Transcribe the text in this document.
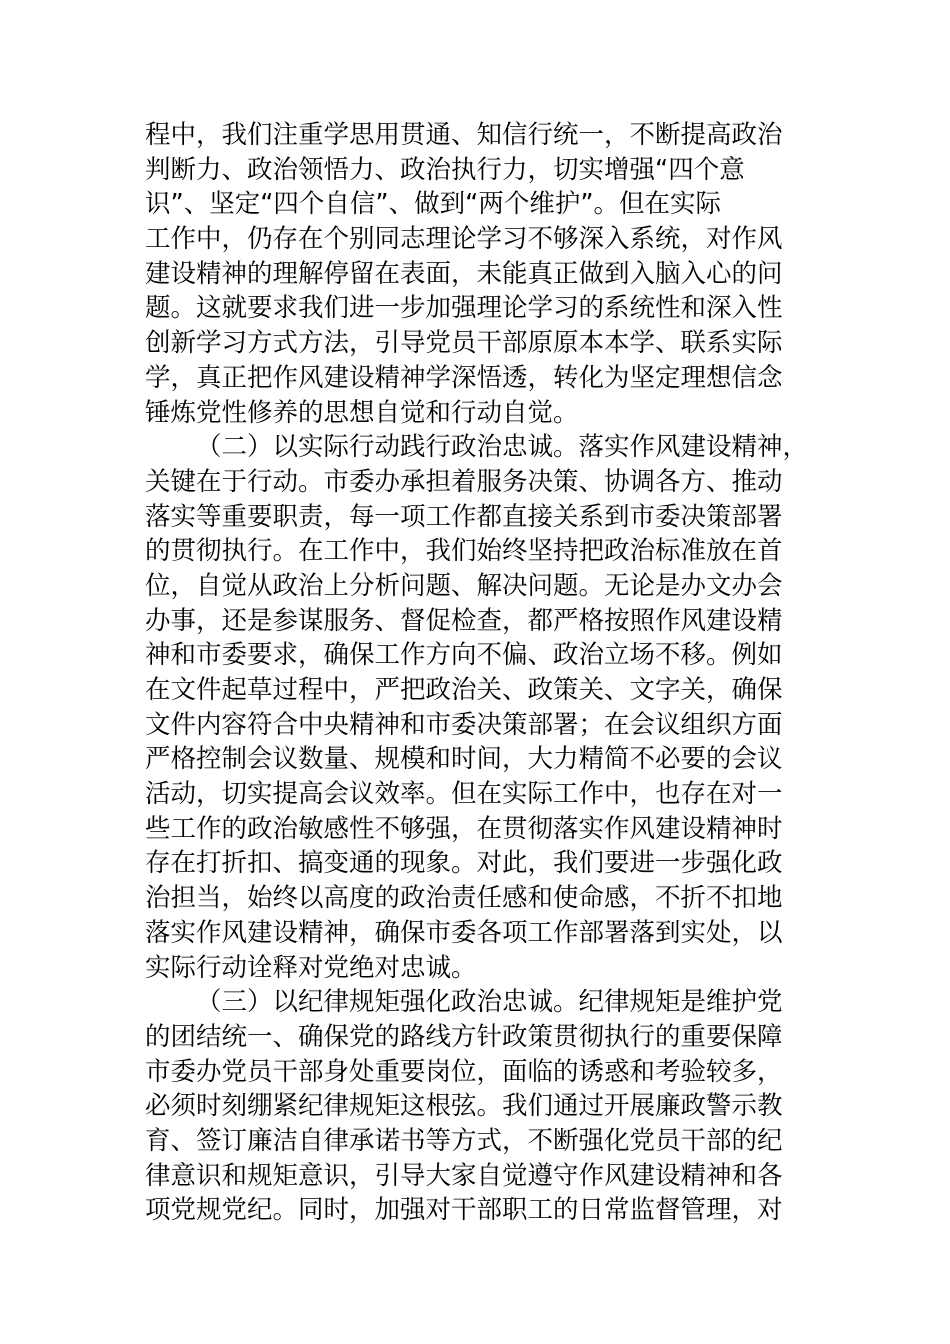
程中，我们注重学思用贯通、知信行统一，不断提高政治
判断力、政治领悟力、政治执行力，切实增强“四个意
识”、坚定“四个自信”、做到“两个维护”。但在实际
工作中，仍存在个别同志理论学习不够深入系统，对作风
建设精神的理解停留在表面，未能真正做到入脑入心的问
题。这就要求我们进一步加强理论学习的系统性和深入性
创新学习方式方法，引导党员干部原原本本学、联系实际
学，真正把作风建设精神学深悟透，转化为坚定理想信念
锤炼党性修养的思想自觉和行动自觉。
（二）以实际行动践行政治忠诚。落实作风建设精神，
关键在于行动。市委办承担着服务决策、协调各方、推动
落实等重要职责，每一项工作都直接关系到市委决策部署
的贯彻执行。在工作中，我们始终坚持把政治标准放在首
位，自觉从政治上分析问题、解决问题。无论是办文办会
办事，还是参谋服务、督促检查，都严格按照作风建设精
神和市委要求，确保工作方向不偏、政治立场不移。例如
在文件起草过程中，严把政治关、政策关、文字关，确保
文件内容符合中央精神和市委决策部署；在会议组织方面
严格控制会议数量、规模和时间，大力精简不必要的会议
活动，切实提高会议效率。但在实际工作中，也存在对一
些工作的政治敏感性不够强，在贯彻落实作风建设精神时
存在打折扣、搞变通的现象。对此，我们要进一步强化政
治担当，始终以高度的政治责任感和使命感，不折不扣地
落实作风建设精神，确保市委各项工作部署落到实处，以
实际行动诠释对党绝对忠诚。
（三）以纪律规矩强化政治忠诚。纪律规矩是维护党
的团结统一、确保党的路线方针政策贯彻执行的重要保障
市委办党员干部身处重要岗位，面临的诱惑和考验较多，
必须时刻绷紧纪律规矩这根弦。我们通过开展廉政警示教
育、签订廉洁自律承诺书等方式，不断强化党员干部的纪
律意识和规矩意识，引导大家自觉遵守作风建设精神和各
项党规党纪。同时，加强对干部职工的日常监督管理，对
